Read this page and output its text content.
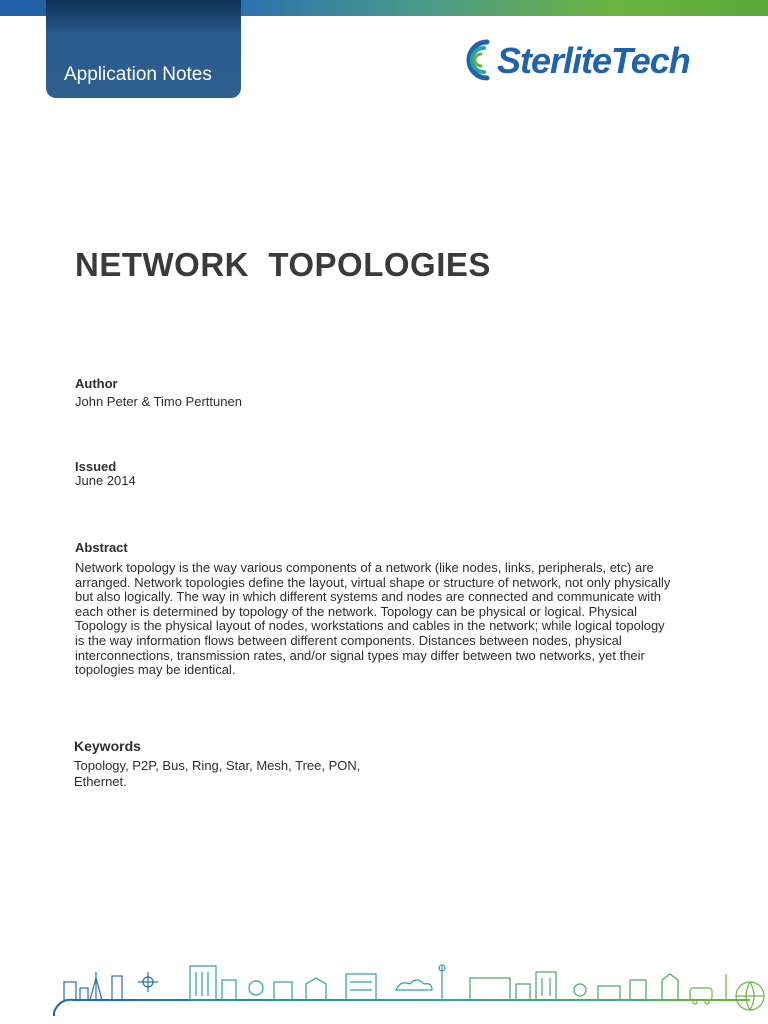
Application Notes	SterliteTech
NETWORK  TOPOLOGIES
Author
John Peter & Timo Perttunen
Issued
June 2014
Abstract

Network topology is the way various components of a network (like nodes, links, peripherals, etc) are arranged. Network topologies define the layout, virtual shape or structure of network, not only physically but also logically. The way in which different systems and nodes are connected and communicate with each other is determined by topology of the network. Topology can be physical or logical. Physical Topology is the physical layout of nodes, workstations and cables in the network; while logical topology is the way information flows between different components. Distances between nodes, physical interconnections, transmission rates, and/or signal types may differ between two networks, yet their topologies may be identical.

Keywords

Topology, P2P, Bus, Ring, Star, Mesh, Tree, PON, Ethernet.
